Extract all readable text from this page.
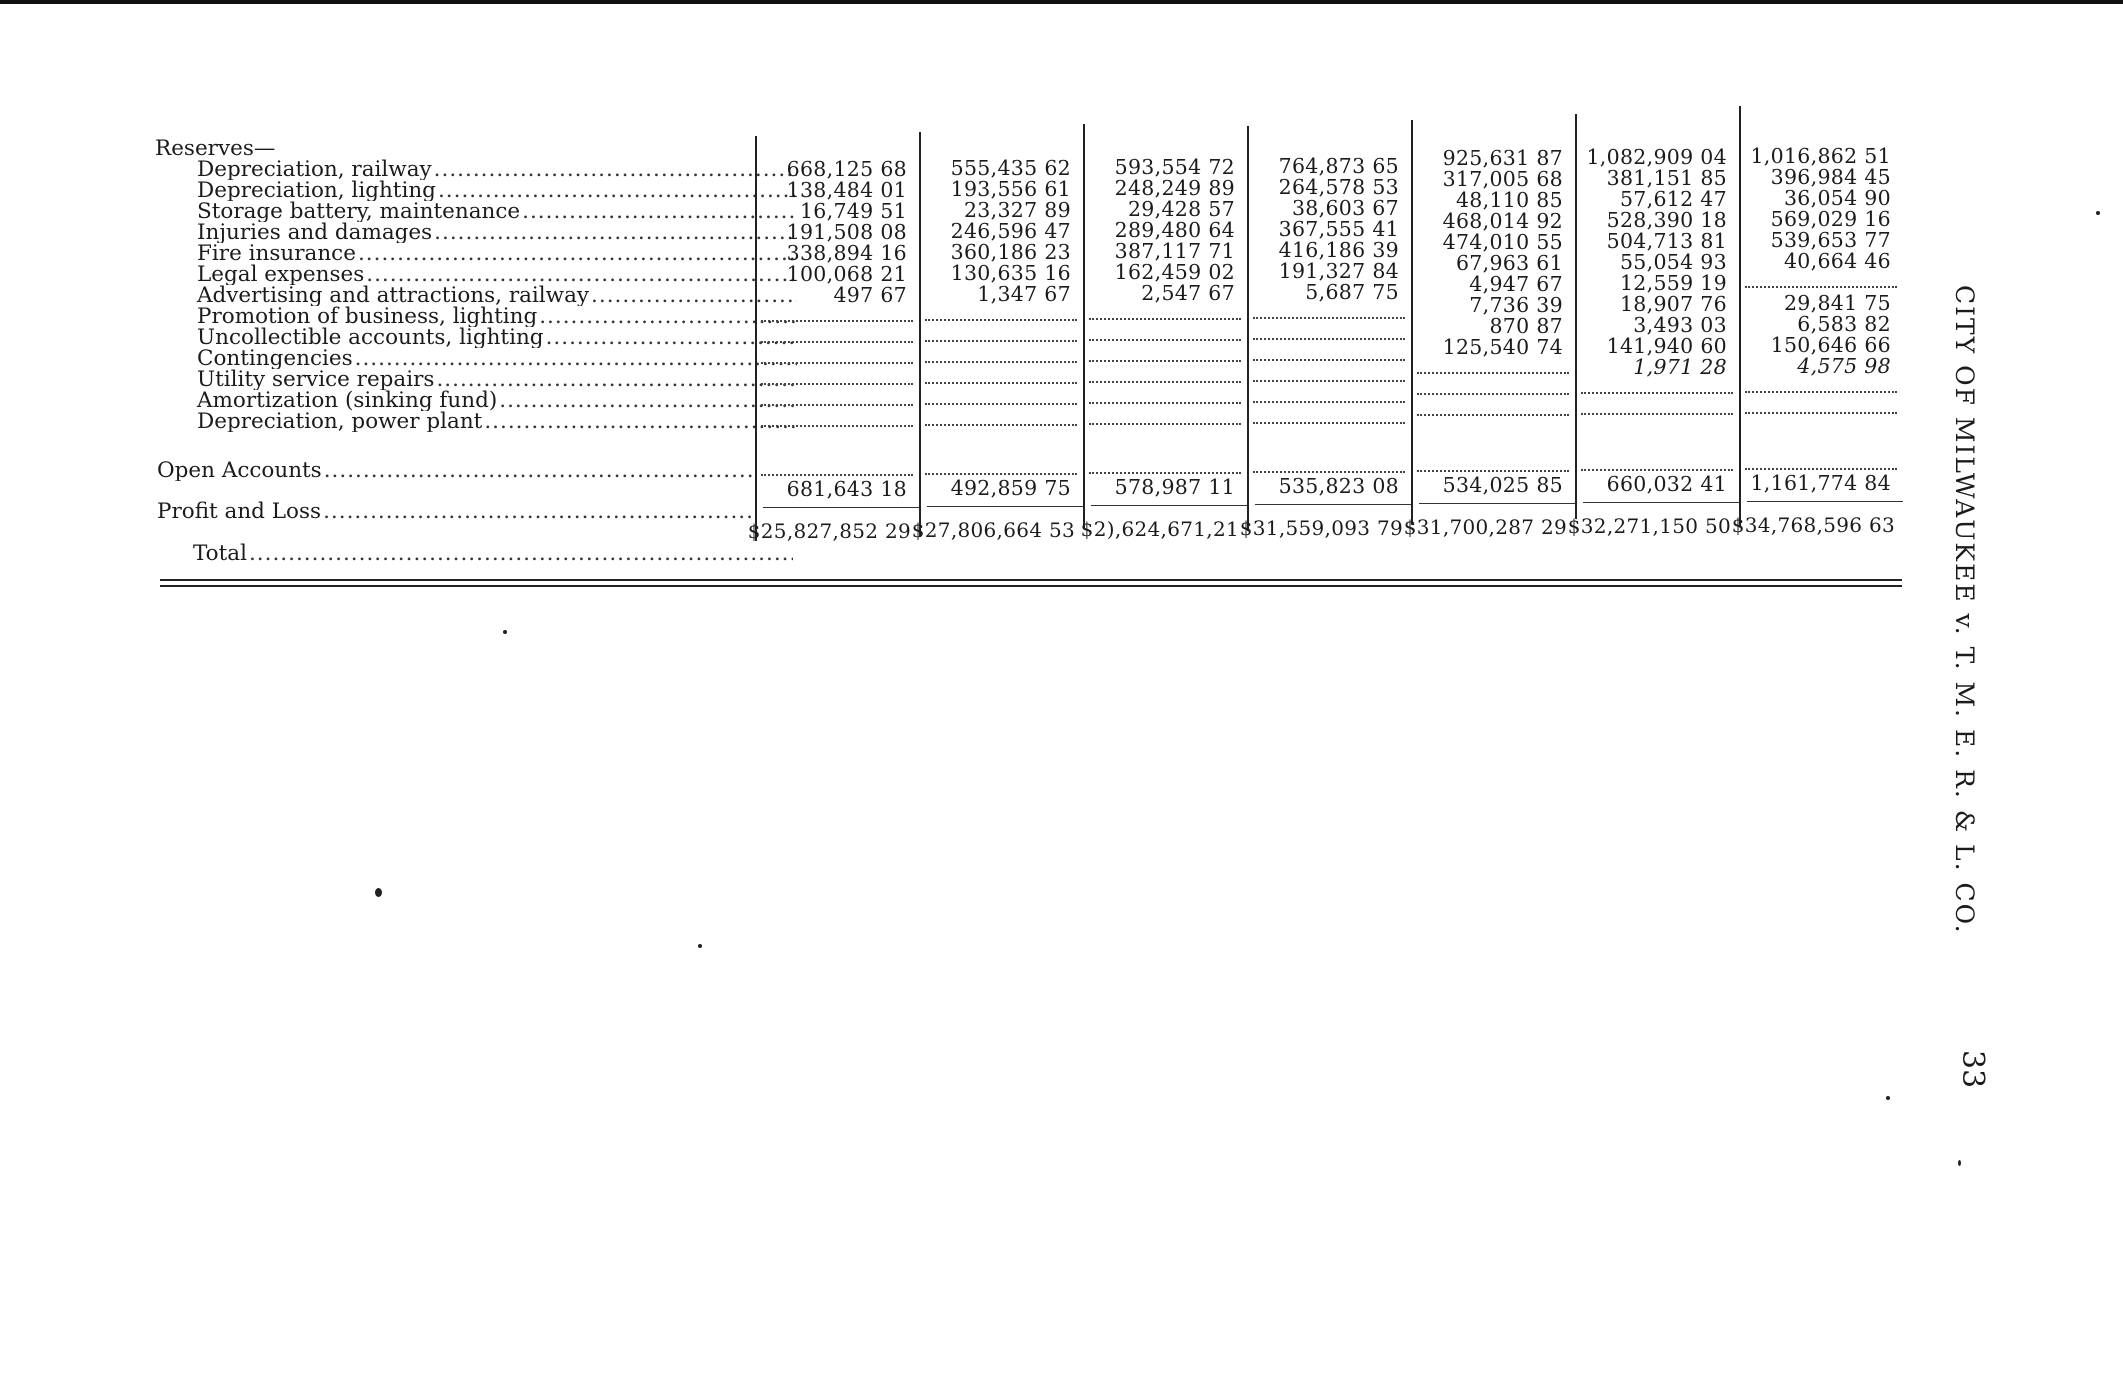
Reserves—
Depreciation, railway .....
Depreciation, lighting .....
Storage battery, maintenance .....
Injuries and damages .....
Fire insurance .....
Legal expenses .....
Advertising and attractions, railway .....
Promotion of business, lighting .....
Uncollectible accounts, lighting .....
Contingencies .....
Utility service repairs .....
Amortization (sinking fund) .....
Depreciation, power plant .....
Open Accounts .....
Profit and Loss .....
Total .....
668,125 68
138,484 01
16,749 51
191,508 08
338,894 16
100,068 21
497 67
681,643 18
$25,827,852 29
555,435 62
193,556 61
23,327 89
246,596 47
360,186 23
130,635 16
1,347 67
492,859 75
$27,806,664 53
593,554 72
248,249 89
29,428 57
289,480 64
387,117 71
162,459 02
2,547 67
578,987 11
$2),624,671,21
764,873 65
264,578 53
38,603 67
367,555 41
416,186 39
191,327 84
5,687 75
535,823 08
$31,559,093 79
925,631 87
317,005 68
48,110 85
468,014 92
474,010 55
67,963 61
4,947 67
7,736 39
870 87
125,540 74
534,025 85
$31,700,287 29
1,082,909 04
381,151 85
57,612 47
528,390 18
504,713 81
55,054 93
12,559 19
18,907 76
3,493 03
141,940 60
1,971 28
660,032 41
$32,271,150 50
1,016,862 51
396,984 45
36,054 90
569,029 16
539,653 77
40,664 46
29,841 75
6,583 82
150,646 66
4,575 98
1,161,774 84
$34,768,596 63 CITY OF MILWAUKEE v. T. M. E. R. & L. CO.
33
